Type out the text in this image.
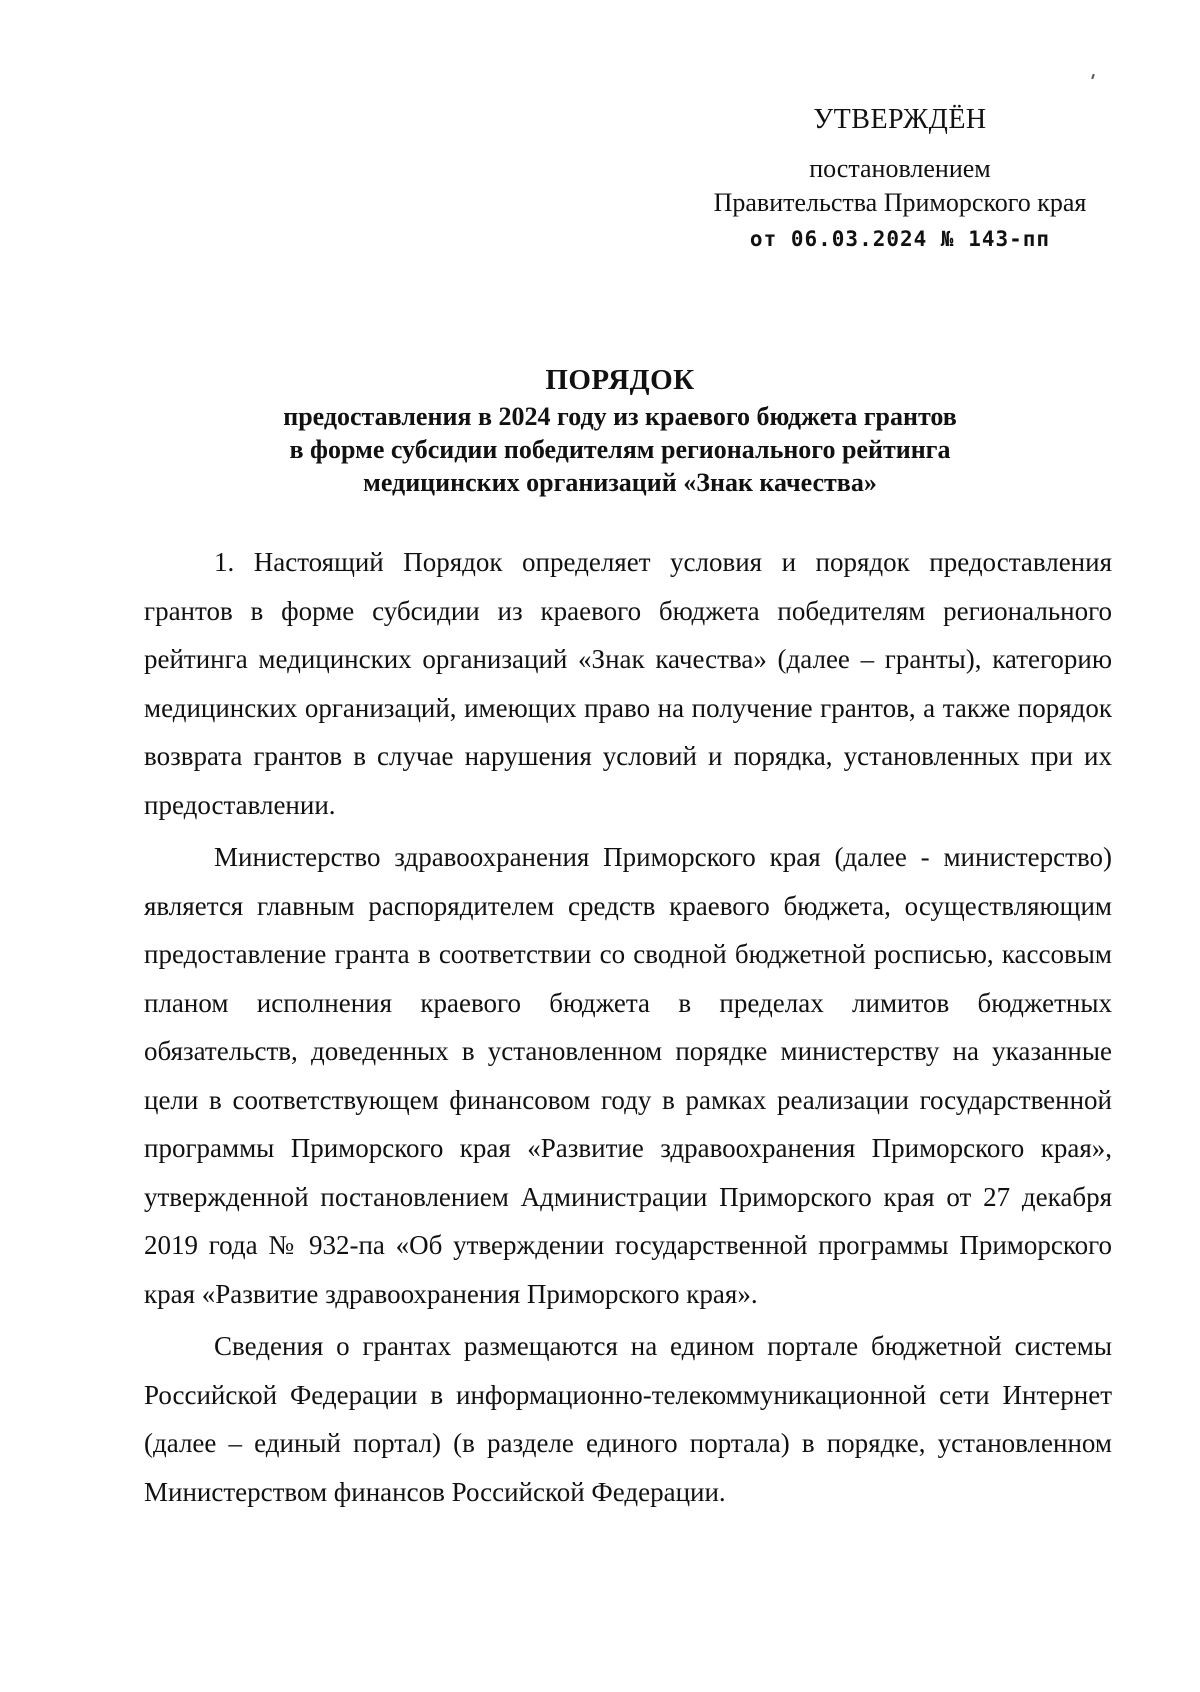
УТВЕРЖДЁН
постановлением
Правительства Приморского края
от 06.03.2024 № 143-пп
ПОРЯДОК
предоставления в 2024 году из краевого бюджета грантов
в форме субсидии победителям регионального рейтинга
медицинских организаций «Знак качества»

1. Настоящий Порядок определяет условия и порядок предоставления грантов в форме субсидии из краевого бюджета победителям регионального рейтинга медицинских организаций «Знак качества» (далее – гранты), категорию медицинских организаций, имеющих право на получение грантов, а также порядок возврата грантов в случае нарушения условий и порядка, установленных при их предоставлении.

Министерство здравоохранения Приморского края (далее - министерство) является главным распорядителем средств краевого бюджета, осуществляющим предоставление гранта в соответствии со сводной бюджетной росписью, кассовым планом исполнения краевого бюджета в пределах лимитов бюджетных обязательств, доведенных в установленном порядке министерству на указанные цели в соответствующем финансовом году в рамках реализации государственной программы Приморского края «Развитие здравоохранения Приморского края», утвержденной постановлением Администрации Приморского края от 27 декабря 2019 года № 932-па «Об утверждении государственной программы Приморского края «Развитие здравоохранения Приморского края».

Сведения о грантах размещаются на едином портале бюджетной системы Российской Федерации в информационно-телекоммуникационной сети Интернет (далее – единый портал) (в разделе единого портала) в порядке, установленном Министерством финансов Российской Федерации.
